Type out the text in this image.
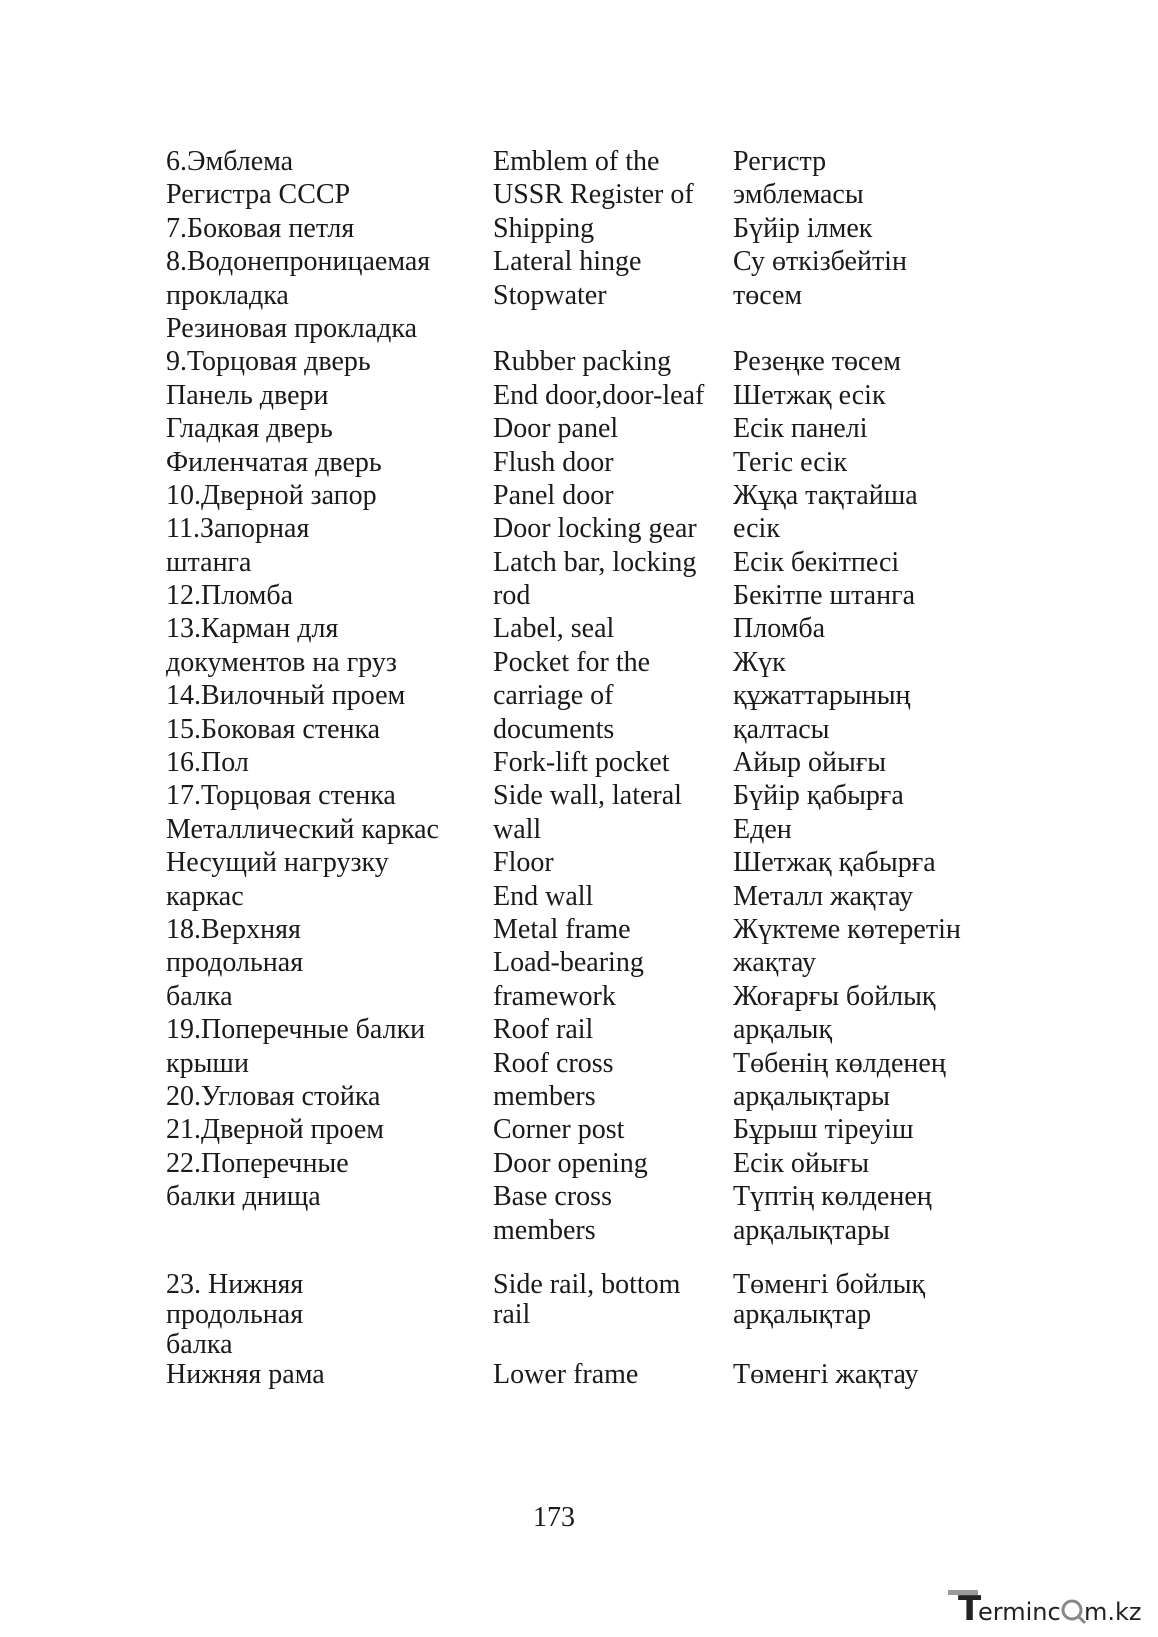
6.Эмблема
Регистра СССР
7.Боковая петля
8.Водонепроницаемая
прокладка
Резиновая прокладка
9.Торцовая дверь
Панель двери
Гладкая дверь
Филенчатая дверь
10.Дверной запор
11.Запорная
штанга
12.Пломба
13.Карман для
документов на груз
14.Вилочный проем
15.Боковая стенка
16.Пол
17.Торцовая стенка
Металлический каркас
Несущий нагрузку
каркас
18.Верхняя
продольная
балка
19.Поперечные балки
крыши
20.Угловая стойка
21.Дверной проем
22.Поперечные
балки днища
23. Нижняя
продольная
балка
Нижняя рама
Emblem of the
USSR Register of
Shipping
Lateral hinge
Stopwater
Rubber packing
End door,door-leaf
Door panel
Flush door
Panel door
Door locking gear
Latch bar, locking
rod
Label, seal
Pocket for the
carriage of
documents
Fork-lift pocket
Side wall, lateral
wall
Floor
End wall
Metal frame
Load-bearing
framework
Roof rail
Roof cross
members
Corner post
Door opening
Base cross
members
Side rail, bottom
rail
Lower frame
Регистр
эмблемасы
Бүйір ілмек
Су өткізбейтін
төсем
Резеңке төсем
Шетжақ есік
Есік панелі
Тегіс есік
Жұқа тақтайша
есік
Есік бекітпесі
Бекітпе штанга
Пломба
Жүк
құжаттарының
қалтасы
Айыр ойығы
Бүйір қабырға
Еден
Шетжақ қабырға
Металл жақтау
Жүктеме көтеретін
жақтау
Жоғарғы бойлық
арқалық
Төбенің көлденең
арқалықтары
Бұрыш тіреуіш
Есік ойығы
Түптің көлденең
арқалықтары
Төменгі бойлық
арқалықтар
Төменгі жақтау
173
T
erminc m.kz
